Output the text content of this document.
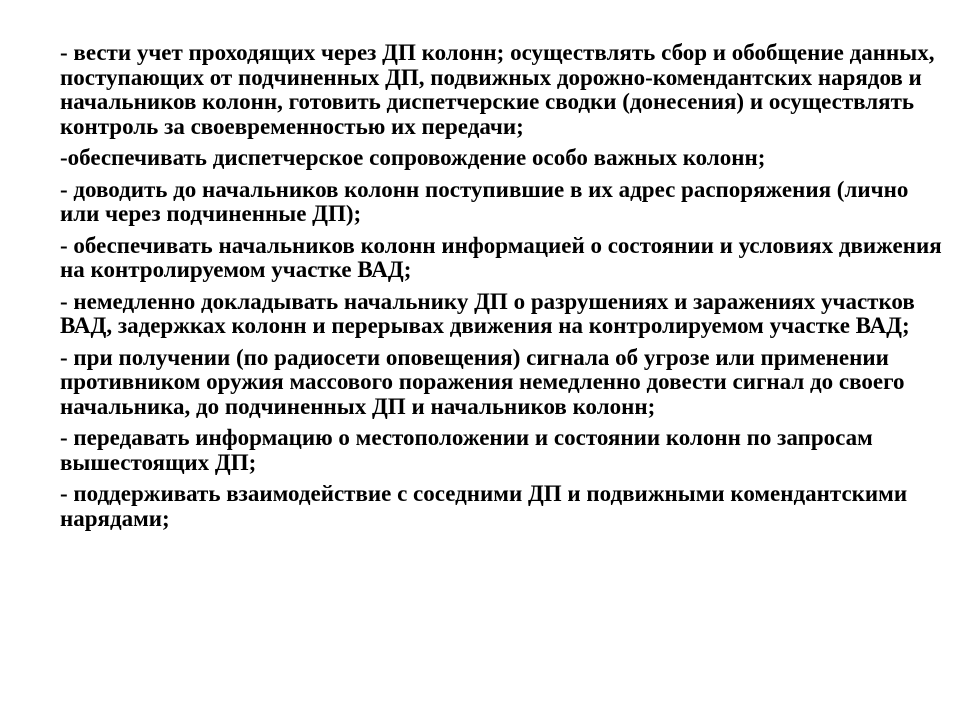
- вести учет проходящих через ДП колонн; осуществлять сбор и обобщение данных, поступающих от подчиненных ДП, подвижных дорожно-комендантских нарядов и начальников колонн, готовить диспетчерские сводки (донесения) и осуществлять контроль за своевременностью их передачи;
-обеспечивать диспетчерское сопровождение особо важных колонн;
- доводить до начальников колонн поступившие в их адрес распоряжения (лично или через подчиненные ДП);
- обеспечивать начальников колонн информацией о состоянии и условиях движения на контролируемом участке ВАД;
- немедленно докладывать начальнику ДП о разрушениях и заражениях участков ВАД, задержках колонн и перерывах движения на контролируемом участке ВАД;
- при получении (по радиосети оповещения) сигнала об угрозе или применении противником оружия массового поражения немедленно довести сигнал до своего начальника, до подчиненных ДП и начальников колонн;
- передавать информацию о местоположении и состоянии колонн по запросам вышестоящих ДП;
- поддерживать взаимодействие с соседними ДП и подвижными комендантскими нарядами;
